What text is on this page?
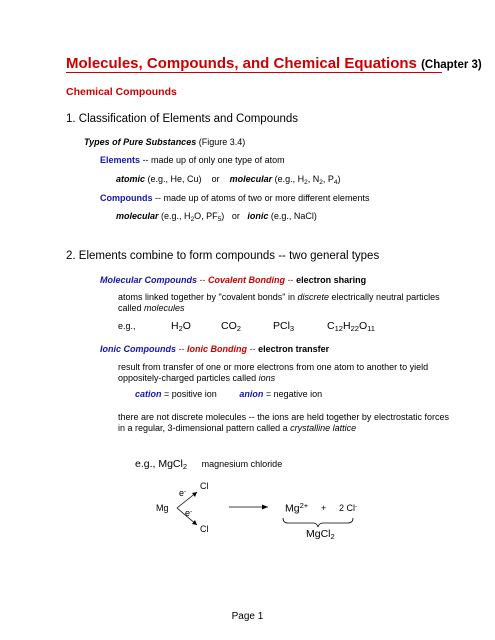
Molecules, Compounds, and Chemical Equations (Chapter 3)
Chemical Compounds
1. Classification of Elements and Compounds
Types of Pure Substances (Figure 3.4)
Elements -- made up of only one type of atom
atomic (e.g., He, Cu) or molecular (e.g., $H_2$, $N_2$, $P_4$)
Compounds -- made up of atoms of two or more different elements
molecular (e.g., $H_2O$, $PF_5$) or ionic (e.g., NaCl)
2. Elements combine to form compounds -- two general types
Molecular Compounds -- Covalent Bonding -- electron sharing
atoms linked together by "covalent bonds" in discrete electrically neutral particles called molecules
e.g.,	$H_2O$	$CO_2$	PCl$_3$	$C_{12}H_{22}O_{11}$
Ionic Compounds -- Ionic Bonding -- electron transfer
result from transfer of one or more electrons from one atom to another to yield oppositely-charged particles called ions
cation = positive ion	anion = negative ion
there are not discrete molecules -- the ions are held together by electrostatic forces in a regular, 3-dimensional pattern called a crystalline lattice
e.g., MgCl$_2$ magnesium chloride
Mg
e-
e-
Cl
Cl
$Mg^{2+} + 2$ Cl-
MgCl$_2$
Page 1
